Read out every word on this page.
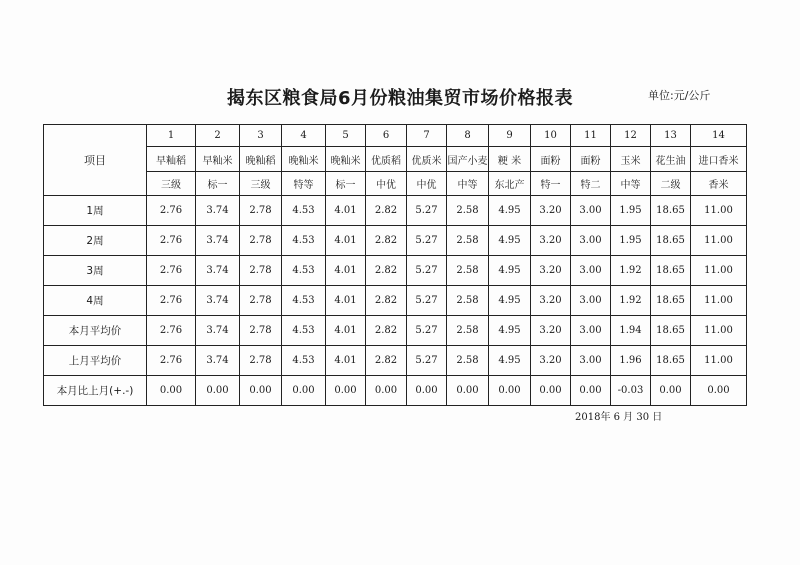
揭东区粮食局6月份粮油集贸市场价格报表	单位:元/公斤
项目	1	2	3	4	5	6	7	8	9	10	11	12	13	14
	早籼稻	早籼米	晚籼稻	晚籼米	晚籼米	优质稻	优质米	国产小麦	粳 米	面粉	面粉	玉米	花生油	进口香米
	三级	标一	三级	特等	标一	中优	中优	中等	东北产	特一	特二	中等	二级	香米
1周	2.76	3.74	2.78	4.53	4.01	2.82	5.27	2.58	4.95	3.20	3.00	1.95	18.65	11.00
2周	2.76	3.74	2.78	4.53	4.01	2.82	5.27	2.58	4.95	3.20	3.00	1.95	18.65	11.00
3周	2.76	3.74	2.78	4.53	4.01	2.82	5.27	2.58	4.95	3.20	3.00	1.92	18.65	11.00
4周	2.76	3.74	2.78	4.53	4.01	2.82	5.27	2.58	4.95	3.20	3.00	1.92	18.65	11.00
本月平均价	2.76	3.74	2.78	4.53	4.01	2.82	5.27	2.58	4.95	3.20	3.00	1.94	18.65	11.00
上月平均价	2.76	3.74	2.78	4.53	4.01	2.82	5.27	2.58	4.95	3.20	3.00	1.96	18.65	11.00
本月比上月(+.-)	0.00	0.00	0.00	0.00	0.00	0.00	0.00	0.00	0.00	0.00	0.00	-0.03	0.00	0.00
2018年 6 月 30 日
